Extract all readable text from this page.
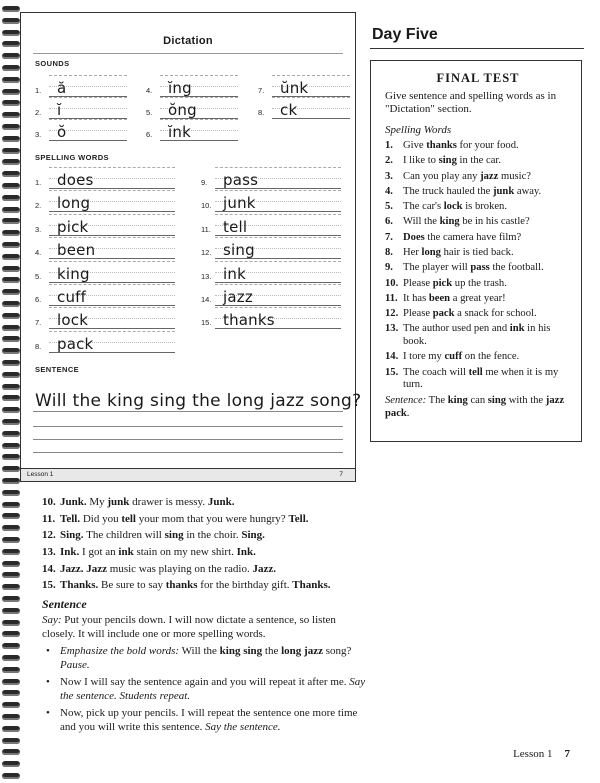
Dictation
SOUNDS
1. ă
2. ĭ
3. ŏ
4. ĭng
5. ŏng
6. ĭnk
7. ŭnk
8. ck
SPELLING WORDS
1. does
2. long
3. pick
4. been
5. king
6. cuff
7. lock
8. pack
9. pass
10. junk
11. tell
12. sing
13. ink
14. jazz
15. thanks
SENTENCE
Will the king sing the long jazz song?
Lesson 1	7
Day Five
FINAL TEST
Give sentence and spelling words as in "Dictation" section.
Spelling Words
1. Give thanks for your food.
2. I like to sing in the car.
3. Can you play any jazz music?
4. The truck hauled the junk away.
5. The car's lock is broken.
6. Will the king be in his castle?
7. Does the camera have film?
8. Her long hair is tied back.
9. The player will pass the football.
10. Please pick up the trash.
11. It has been a great year!
12. Please pack a snack for school.
13. The author used pen and ink in his book.
14. I tore my cuff on the fence.
15. The coach will tell me when it is my turn.
Sentence: The king can sing with the jazz pack.
10. Junk. My junk drawer is messy. Junk.
11. Tell. Did you tell your mom that you were hungry? Tell.
12. Sing. The children will sing in the choir. Sing.
13. Ink. I got an ink stain on my new shirt. Ink.
14. Jazz. Jazz music was playing on the radio. Jazz.
15. Thanks. Be sure to say thanks for the birthday gift. Thanks.
Sentence
Say: Put your pencils down. I will now dictate a sentence, so listen closely. It will include one or more spelling words.
• Emphasize the bold words: Will the king sing the long jazz song? Pause.
• Now I will say the sentence again and you will repeat it after me. Say the sentence. Students repeat.
• Now, pick up your pencils. I will repeat the sentence one more time and you will write this sentence. Say the sentence.
Lesson 1 7
